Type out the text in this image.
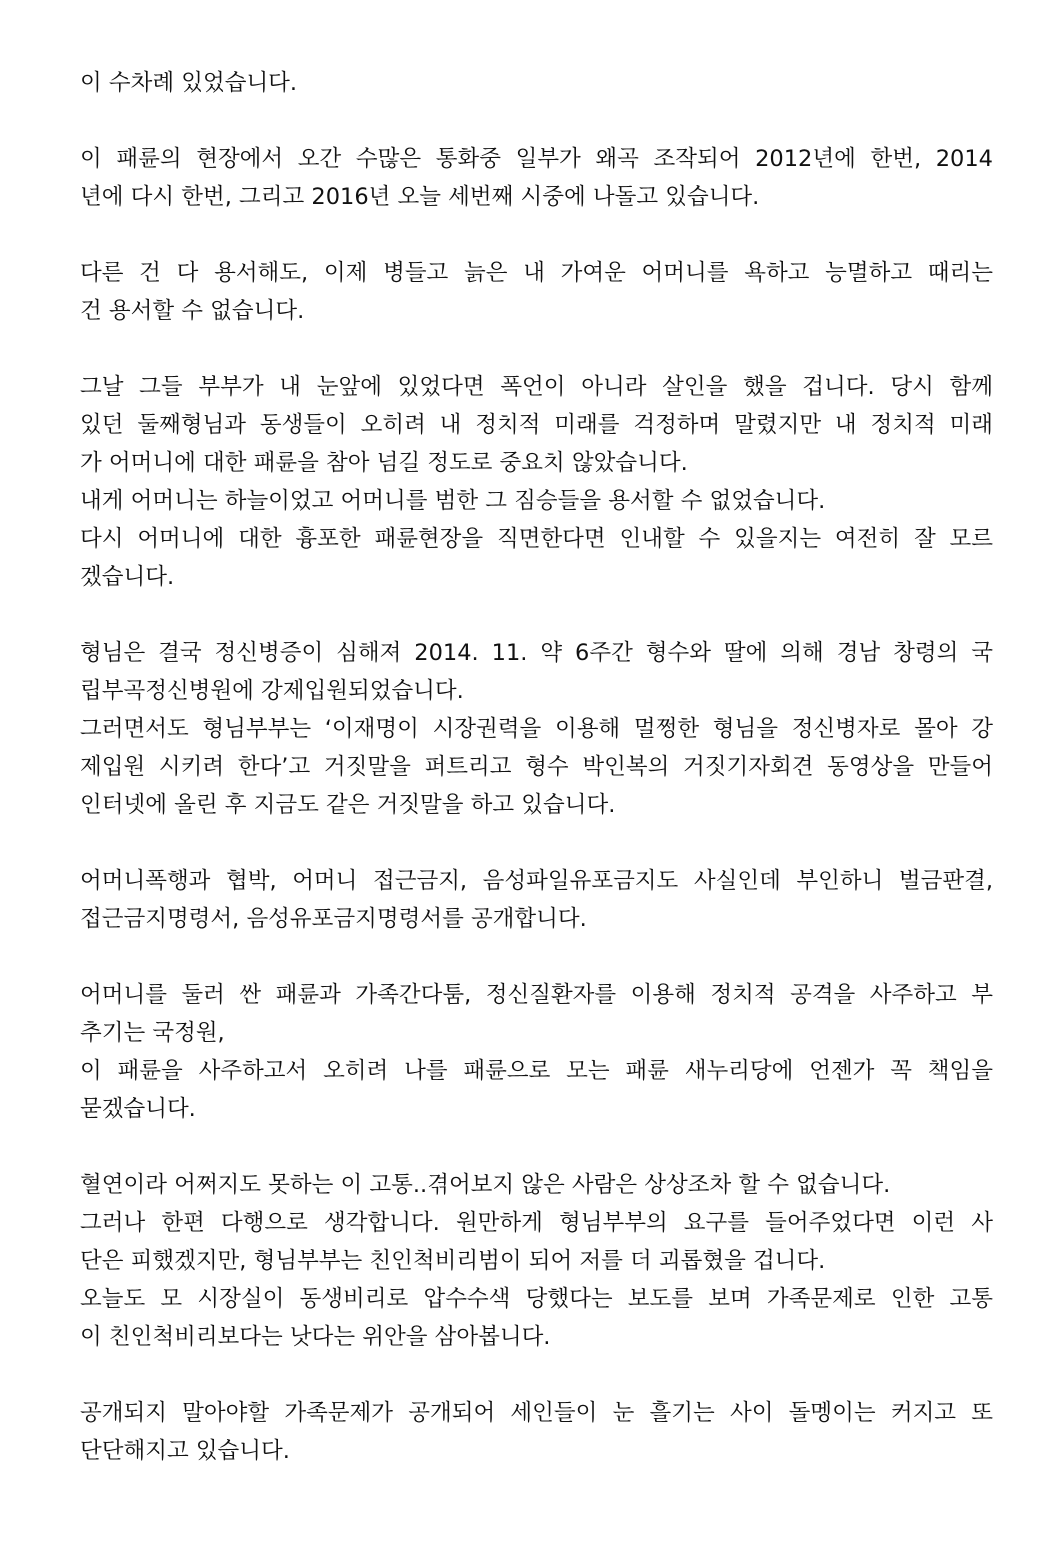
이 수차례 있었습니다.
이 패륜의 현장에서 오간 수많은 통화중 일부가 왜곡 조작되어 2012년에 한번, 2014
년에 다시 한번, 그리고 2016년 오늘 세번째 시중에 나돌고 있습니다.
다른 건 다 용서해도, 이제 병들고 늙은 내 가여운 어머니를 욕하고 능멸하고 때리는
건 용서할 수 없습니다.
그날 그들 부부가 내 눈앞에 있었다면 폭언이 아니라 살인을 했을 겁니다. 당시 함께
있던 둘째형님과 동생들이 오히려 내 정치적 미래를 걱정하며 말렸지만 내 정치적 미래
가 어머니에 대한 패륜을 참아 넘길 정도로 중요치 않았습니다.
내게 어머니는 하늘이었고 어머니를 범한 그 짐승들을 용서할 수 없었습니다.
다시 어머니에 대한 흉포한 패륜현장을 직면한다면 인내할 수 있을지는 여전히 잘 모르
겠습니다.
형님은 결국 정신병증이 심해져 2014. 11. 약 6주간 형수와 딸에 의해 경남 창령의 국
립부곡정신병원에 강제입원되었습니다.
그러면서도 형님부부는 ‘이재명이 시장권력을 이용해 멀쩡한 형님을 정신병자로 몰아 강
제입원 시키려 한다’고 거짓말을 퍼트리고 형수 박인복의 거짓기자회견 동영상을 만들어
인터넷에 올린 후 지금도 같은 거짓말을 하고 있습니다.
어머니폭행과 협박, 어머니 접근금지, 음성파일유포금지도 사실인데 부인하니 벌금판결,
접근금지명령서, 음성유포금지명령서를 공개합니다.
어머니를 둘러 싼 패륜과 가족간다툼, 정신질환자를 이용해 정치적 공격을 사주하고 부
추기는 국정원,
이 패륜을 사주하고서 오히려 나를 패륜으로 모는 패륜 새누리당에 언젠가 꼭 책임을
묻겠습니다.
혈연이라 어쩌지도 못하는 이 고통..겪어보지 않은 사람은 상상조차 할 수 없습니다.
그러나 한편 다행으로 생각합니다. 원만하게 형님부부의 요구를 들어주었다면 이런 사
단은 피했겠지만, 형님부부는 친인척비리범이 되어 저를 더 괴롭혔을 겁니다.
오늘도 모 시장실이 동생비리로 압수수색 당했다는 보도를 보며 가족문제로 인한 고통
이 친인척비리보다는 낫다는 위안을 삼아봅니다.
공개되지 말아야할 가족문제가 공개되어 세인들이 눈 흘기는 사이 돌멩이는 커지고 또
단단해지고 있습니다.
